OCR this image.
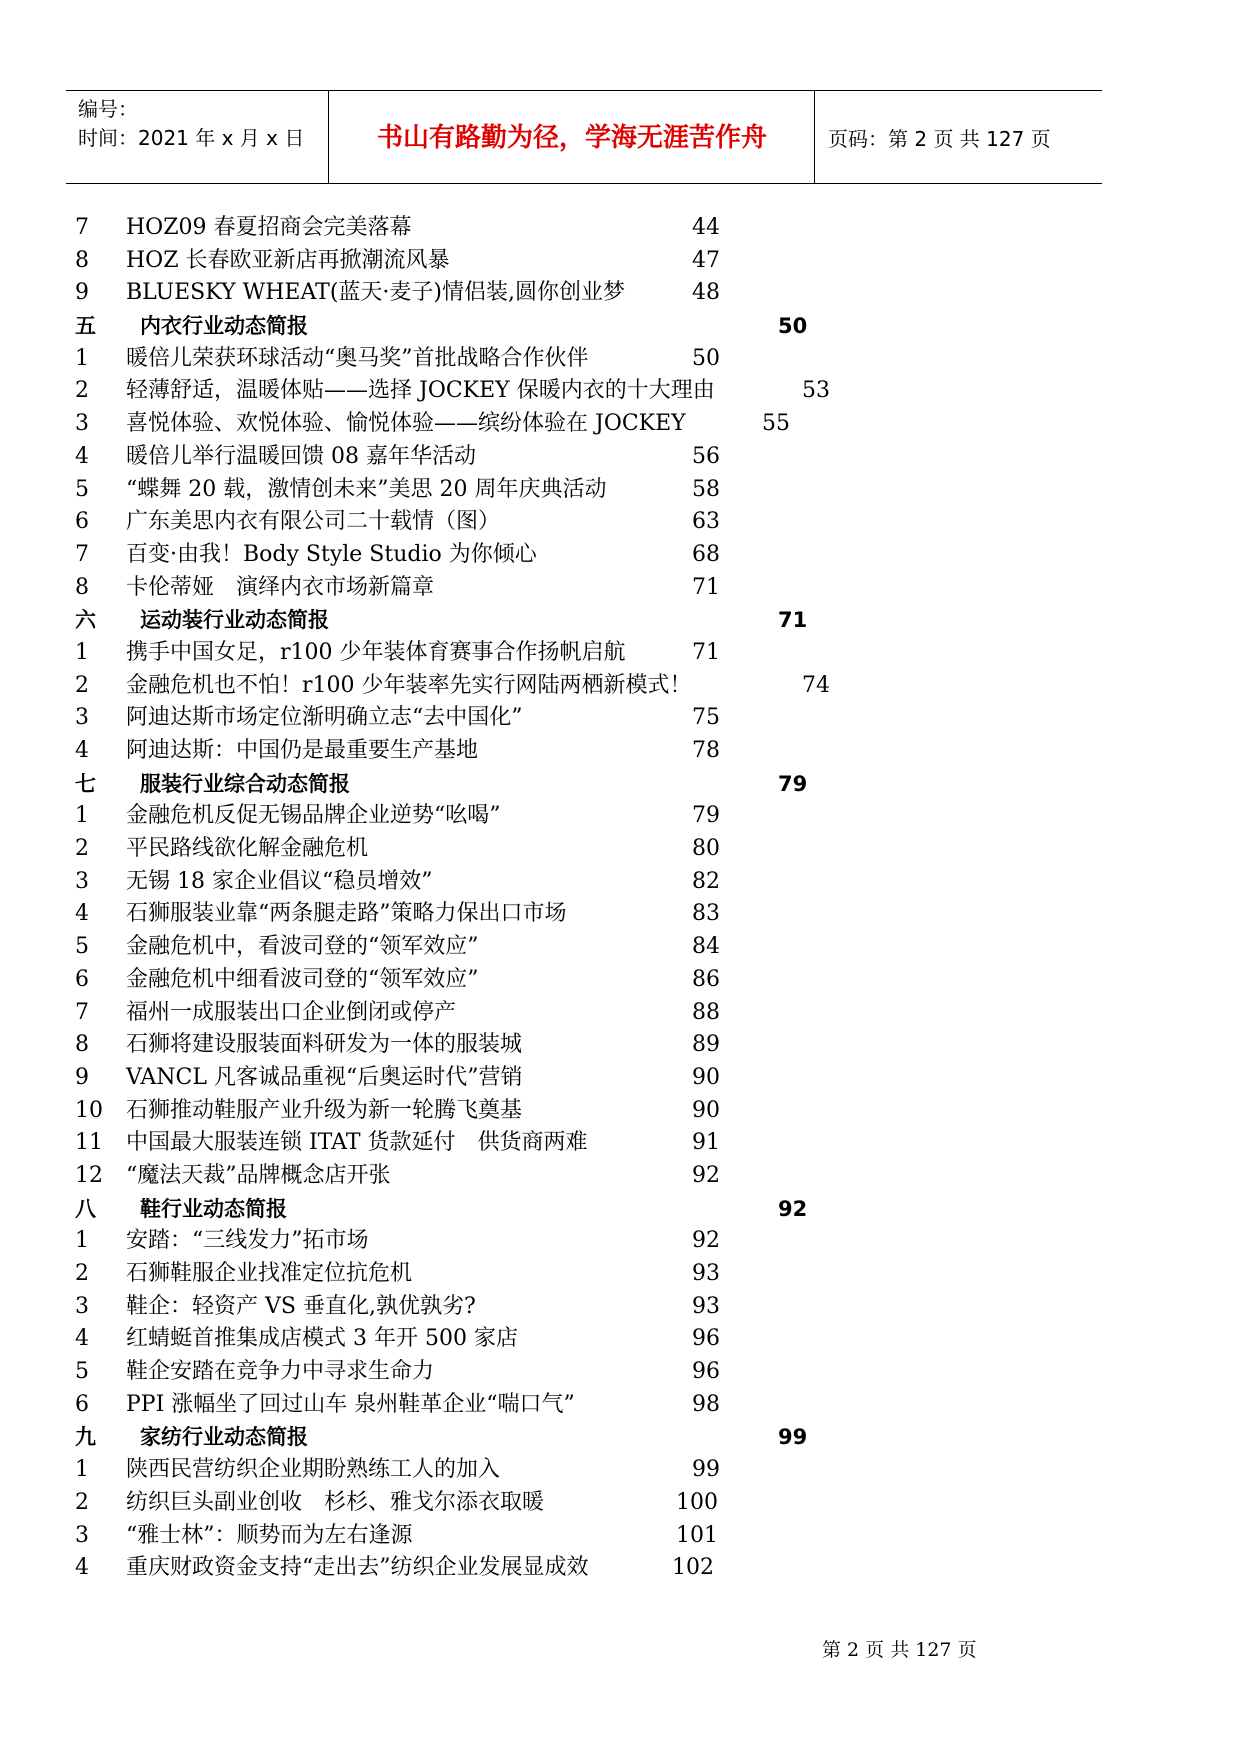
编号：
时间：2021 年 x 月 x 日	书山有路勤为径，学海无涯苦作舟	页码：第 2 页 共 127 页
7 HOZ09 春夏招商会完美落幕	44
8 HOZ 长春欧亚新店再掀潮流风暴	47
9 BLUESKY WHEAT(蓝天·麦子)情侣装,圆你创业梦	48
五 内衣行业动态简报	50
1 暖倍儿荣获环球活动“奥马奖”首批战略合作伙伴	50
2 轻薄舒适，温暖体贴——选择 JOCKEY 保暖内衣的十大理由	53
3 喜悦体验、欢悦体验、愉悦体验——缤纷体验在 JOCKEY	55
4 暖倍儿举行温暖回馈 08 嘉年华活动	56
5 “蝶舞 20 载，激情创未来”美思 20 周年庆典活动	58
6 广东美思内衣有限公司二十载情（图）	63
7 百变·由我！Body Style Studio 为你倾心	68
8 卡伦蒂娅　演绎内衣市场新篇章	71
六 运动装行业动态简报	71
1 携手中国女足，r100 少年装体育赛事合作扬帆启航	71
2 金融危机也不怕！r100 少年装率先实行网陆两栖新模式！	74
3 阿迪达斯市场定位渐明确立志“去中国化”	75
4 阿迪达斯：中国仍是最重要生产基地	78
七 服装行业综合动态简报	79
1 金融危机反促无锡品牌企业逆势“吆喝”	79
2 平民路线欲化解金融危机	80
3 无锡 18 家企业倡议“稳员增效”	82
4 石狮服装业靠“两条腿走路”策略力保出口市场	83
5 金融危机中，看波司登的“领军效应”	84
6 金融危机中细看波司登的“领军效应”	86
7 福州一成服装出口企业倒闭或停产	88
8 石狮将建设服装面料研发为一体的服装城	89
9 VANCL 凡客诚品重视“后奥运时代”营销	90
10 石狮推动鞋服产业升级为新一轮腾飞奠基	90
11 中国最大服装连锁 ITAT 货款延付　供货商两难	91
12 “魔法天裁”品牌概念店开张	92
八 鞋行业动态简报	92
1 安踏：“三线发力”拓市场	92
2 石狮鞋服企业找准定位抗危机	93
3 鞋企：轻资产 VS 垂直化,孰优孰劣?	93
4 红蜻蜓首推集成店模式 3 年开 500 家店	96
5 鞋企安踏在竞争力中寻求生命力	96
6 PPI 涨幅坐了回过山车 泉州鞋革企业“喘口气”	98
九 家纺行业动态简报	99
1 陕西民营纺织企业期盼熟练工人的加入	99
2 纺织巨头副业创收　杉杉、雅戈尔添衣取暖	100
3 “雅士林”：顺势而为左右逢源	101
4 重庆财政资金支持“走出去”纺织企业发展显成效	102
第 2 页 共 127 页
